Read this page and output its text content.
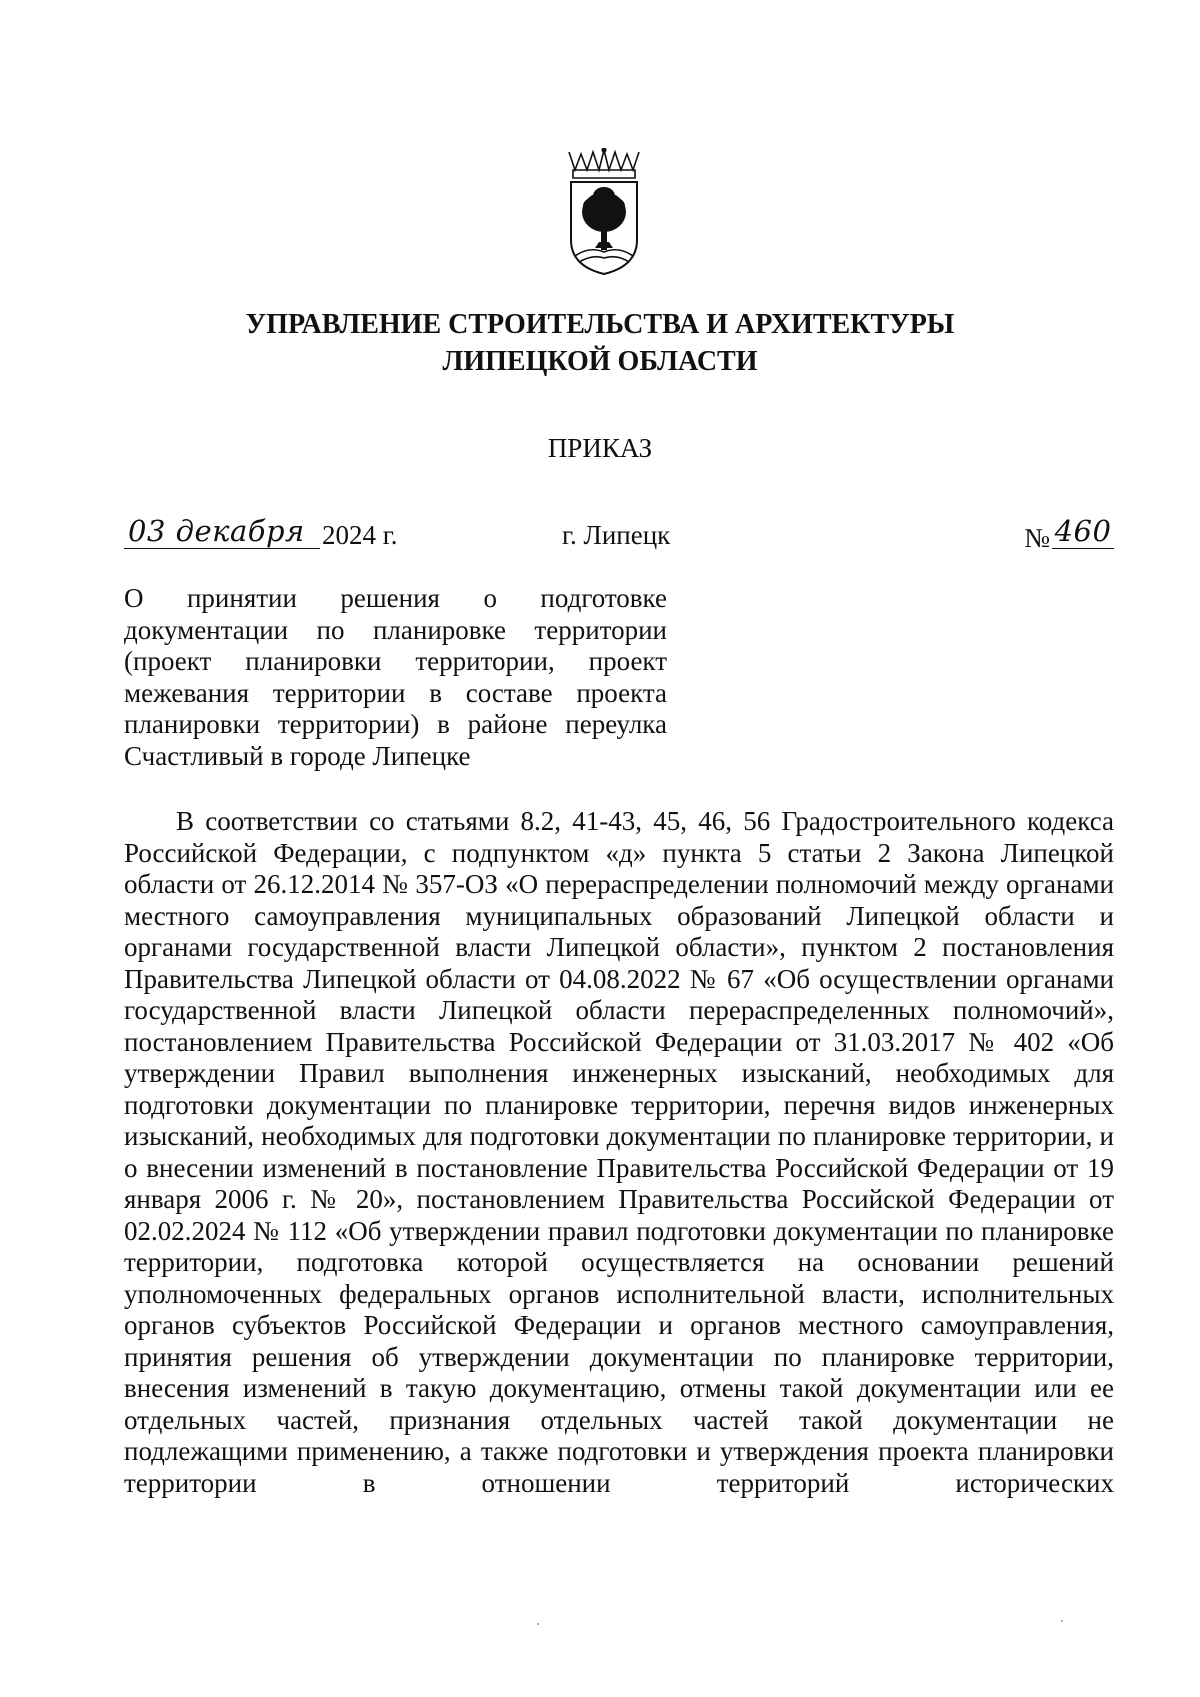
УПРАВЛЕНИЕ СТРОИТЕЛЬСТВА И АРХИТЕКТУРЫ
ЛИПЕЦКОЙ ОБЛАСТИ
ПРИКАЗ
03 декабря 2024 г.	г. Липецк	№ 460
О принятии решения о подготовке документации по планировке территории (проект планировки территории, проект межевания территории в составе проекта планировки территории) в районе переулка Счастливый в городе Липецке
В соответствии со статьями 8.2, 41-43, 45, 46, 56 Градостроительного кодекса Российской Федерации, с подпунктом «д» пункта 5 статьи 2 Закона Липецкой области от 26.12.2014 № 357-ОЗ «О перераспределении полномочий между органами местного самоуправления муниципальных образований Липецкой области и органами государственной власти Липецкой области», пунктом 2 постановления Правительства Липецкой области от 04.08.2022 № 67 «Об осуществлении органами государственной власти Липецкой области перераспределенных полномочий», постановлением Правительства Российской Федерации от 31.03.2017 № 402 «Об утверждении Правил выполнения инженерных изысканий, необходимых для подготовки документации по планировке территории, перечня видов инженерных изысканий, необходимых для подготовки документации по планировке территории, и о внесении изменений в постановление Правительства Российской Федерации от 19 января 2006 г. № 20», постановлением Правительства Российской Федерации от 02.02.2024 № 112 «Об утверждении правил подготовки документации по планировке территории, подготовка которой осуществляется на основании решений уполномоченных федеральных органов исполнительной власти, исполнительных органов субъектов Российской Федерации и органов местного самоуправления, принятия решения об утверждении документации по планировке территории, внесения изменений в такую документацию, отмены такой документации или ее отдельных частей, признания отдельных частей такой документации не подлежащими применению, а также подготовки и утверждения проекта планировки территории в отношении территорий исторических
